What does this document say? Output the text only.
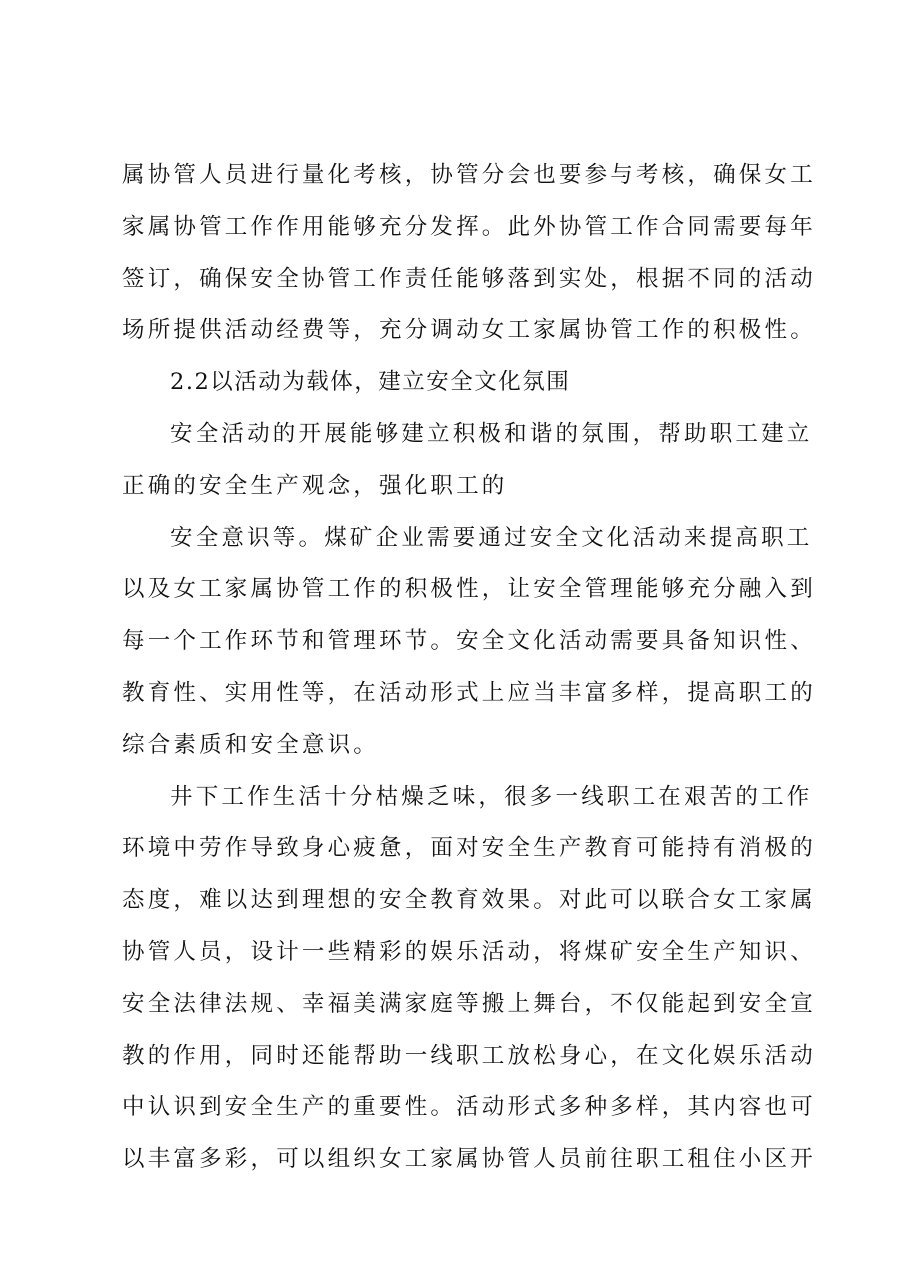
属协管人员进行量化考核，协管分会也要参与考核，确保女工
家属协管工作作用能够充分发挥。此外协管工作合同需要每年
签订，确保安全协管工作责任能够落到实处，根据不同的活动
场所提供活动经费等，充分调动女工家属协管工作的积极性。
2.2以活动为载体，建立安全文化氛围
安全活动的开展能够建立积极和谐的氛围，帮助职工建立
正确的安全生产观念，强化职工的
安全意识等。煤矿企业需要通过安全文化活动来提高职工
以及女工家属协管工作的积极性，让安全管理能够充分融入到
每一个工作环节和管理环节。安全文化活动需要具备知识性、
教育性、实用性等，在活动形式上应当丰富多样，提高职工的
综合素质和安全意识。
井下工作生活十分枯燥乏味，很多一线职工在艰苦的工作
环境中劳作导致身心疲惫，面对安全生产教育可能持有消极的
态度，难以达到理想的安全教育效果。对此可以联合女工家属
协管人员，设计一些精彩的娱乐活动，将煤矿安全生产知识、
安全法律法规、幸福美满家庭等搬上舞台，不仅能起到安全宣
教的作用，同时还能帮助一线职工放松身心，在文化娱乐活动
中认识到安全生产的重要性。活动形式多种多样，其内容也可
以丰富多彩，可以组织女工家属协管人员前往职工租住小区开
